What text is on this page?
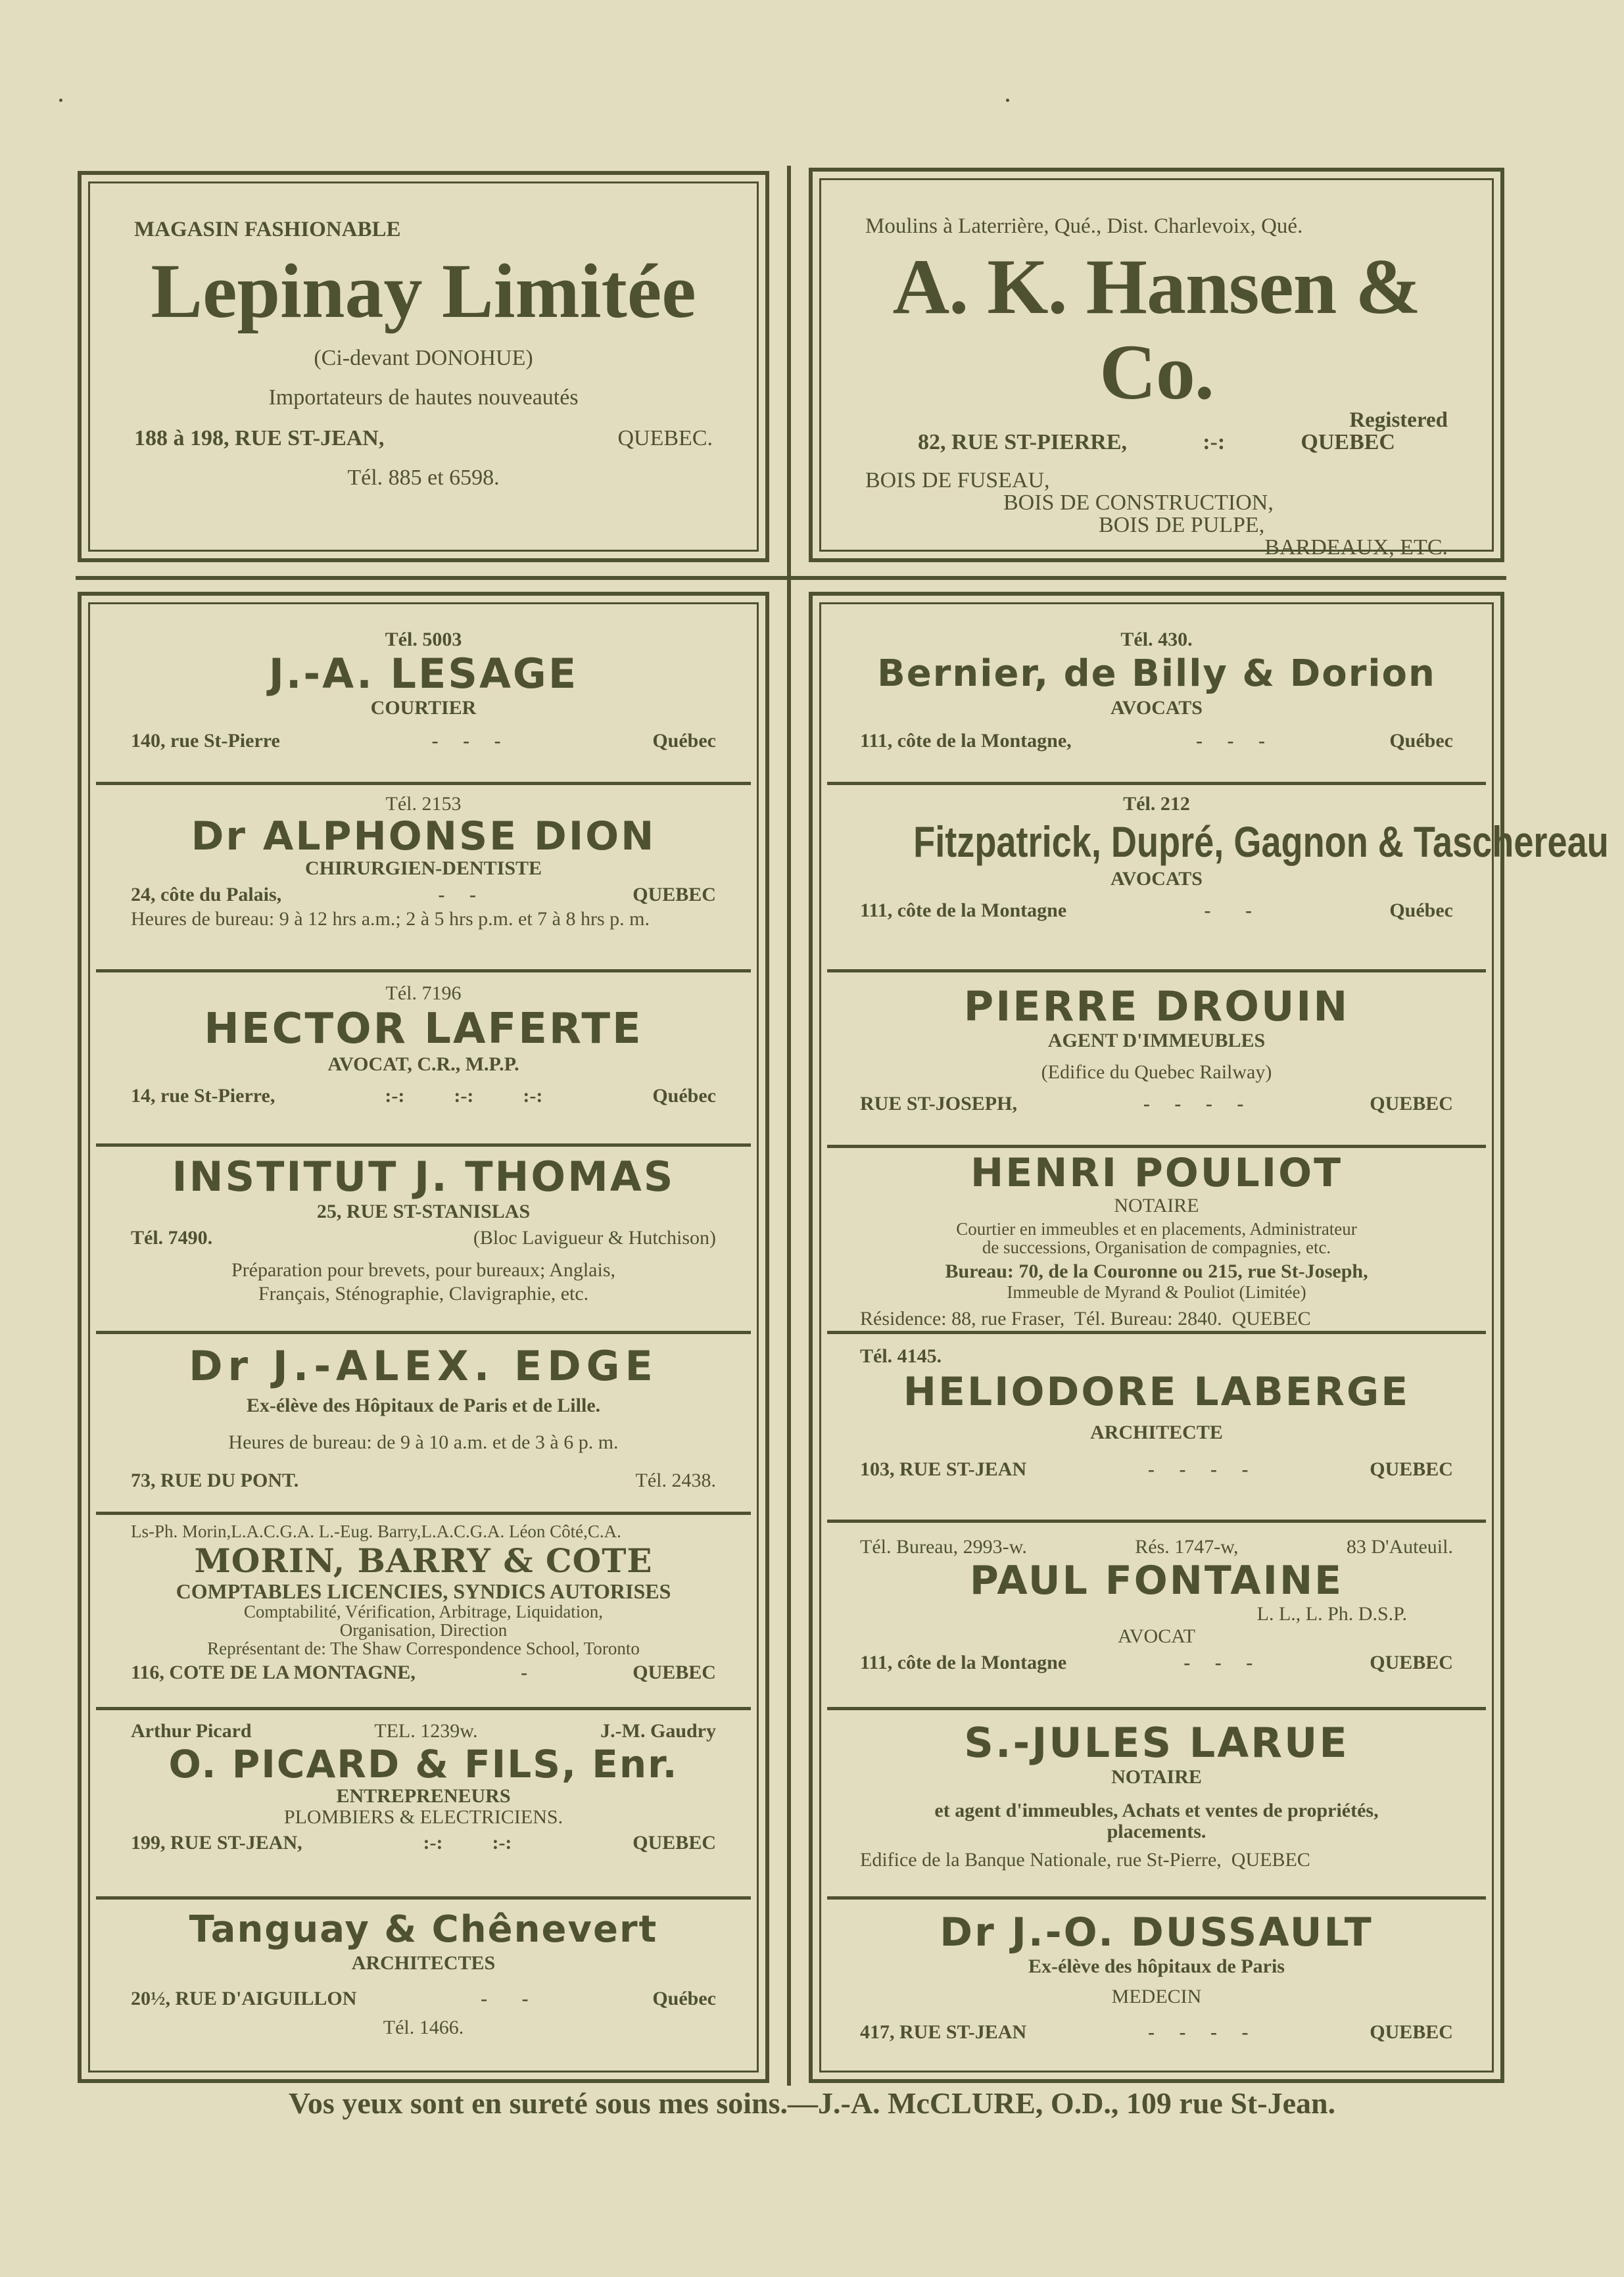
MAGASIN FASHIONABLE
Lepinay Limitée
(Ci-devant DONOHUE)
Importateurs de hautes nouveautés
188 à 198, RUE ST-JEAN,	QUEBEC.
Tél. 885 et 6598.
Moulins à Laterrière, Qué., Dist. Charlevoix, Qué.
A. K. Hansen & Co.
Registered
82, RUE ST-PIERRE,	:-:	QUEBEC
BOIS DE FUSEAU,
BOIS DE CONSTRUCTION,
BOIS DE PULPE,
BARDEAUX, ETC.
Tél. 5003
J.-A. LESAGE
COURTIER
140, rue St-Pierre	-     -     -	Québec
Tél. 2153
Dr ALPHONSE DION
CHIRURGIEN-DENTISTE
24, côte du Palais,	-     -	QUEBEC
Heures de bureau: 9 à 12 hrs a.m.; 2 à 5 hrs p.m. et 7 à 8 hrs p. m.
Tél. 7196
HECTOR LAFERTE
AVOCAT, C.R., M.P.P.
14, rue St-Pierre,	:-:          :-:          :-:	Québec
INSTITUT J. THOMAS
25, RUE ST-STANISLAS
Tél. 7490.	(Bloc Lavigueur & Hutchison)
Préparation pour brevets, pour bureaux; Anglais,
Français, Sténographie, Clavigraphie, etc.
Dr J.-ALEX. EDGE
Ex-élève des Hôpitaux de Paris et de Lille.
Heures de bureau: de 9 à 10 a.m. et de 3 à 6 p. m.
73, RUE DU PONT.	Tél. 2438.
Ls-Ph. Morin,L.A.C.G.A. L.-Eug. Barry,L.A.C.G.A. Léon Côté,C.A.
MORIN, BARRY & COTE
COMPTABLES LICENCIES, SYNDICS AUTORISES
Comptabilité, Vérification, Arbitrage, Liquidation,
Organisation, Direction
Représentant de: The Shaw Correspondence School, Toronto
116, COTE DE LA MONTAGNE,	-	QUEBEC
Arthur Picard	TEL. 1239w.	J.-M. Gaudry
O. PICARD & FILS, Enr.
ENTREPRENEURS
PLOMBIERS & ELECTRICIENS.
199, RUE ST-JEAN,	:-:          :-:	QUEBEC
Tanguay & Chênevert
ARCHITECTES
20½, RUE D'AIGUILLON	-       -	Québec
Tél. 1466.
Tél. 430.
Bernier, de Billy & Dorion
AVOCATS
111, côte de la Montagne,	-     -     -	Québec
Tél. 212
Fitzpatrick, Dupré, Gagnon & Taschereau
AVOCATS
111, côte de la Montagne	-       -	Québec
PIERRE DROUIN
AGENT D'IMMEUBLES
(Edifice du Quebec Railway)
RUE ST-JOSEPH,	-     -     -     -	QUEBEC
HENRI POULIOT
NOTAIRE
Courtier en immeubles et en placements, Administrateur
de successions, Organisation de compagnies, etc.
Bureau: 70, de la Couronne ou 215, rue St-Joseph,
Immeuble de Myrand & Pouliot (Limitée)
Résidence: 88, rue Fraser,  Tél. Bureau: 2840.  QUEBEC
Tél. 4145.
HELIODORE LABERGE
ARCHITECTE
103, RUE ST-JEAN	-     -     -     -	QUEBEC
Tél. Bureau, 2993-w.	Rés. 1747-w,	83 D'Auteuil.
PAUL FONTAINE
L. L., L. Ph. D.S.P.
AVOCAT
111, côte de la Montagne	-     -     -	QUEBEC
S.-JULES LARUE
NOTAIRE
et agent d'immeubles, Achats et ventes de propriétés,
placements.
Edifice de la Banque Nationale, rue St-Pierre,  QUEBEC
Dr J.-O. DUSSAULT
Ex-élève des hôpitaux de Paris
MEDECIN
417, RUE ST-JEAN	-     -     -     -	QUEBEC
Vos yeux sont en sureté sous mes soins.—J.-A. McCLURE, O.D., 109 rue St-Jean.
